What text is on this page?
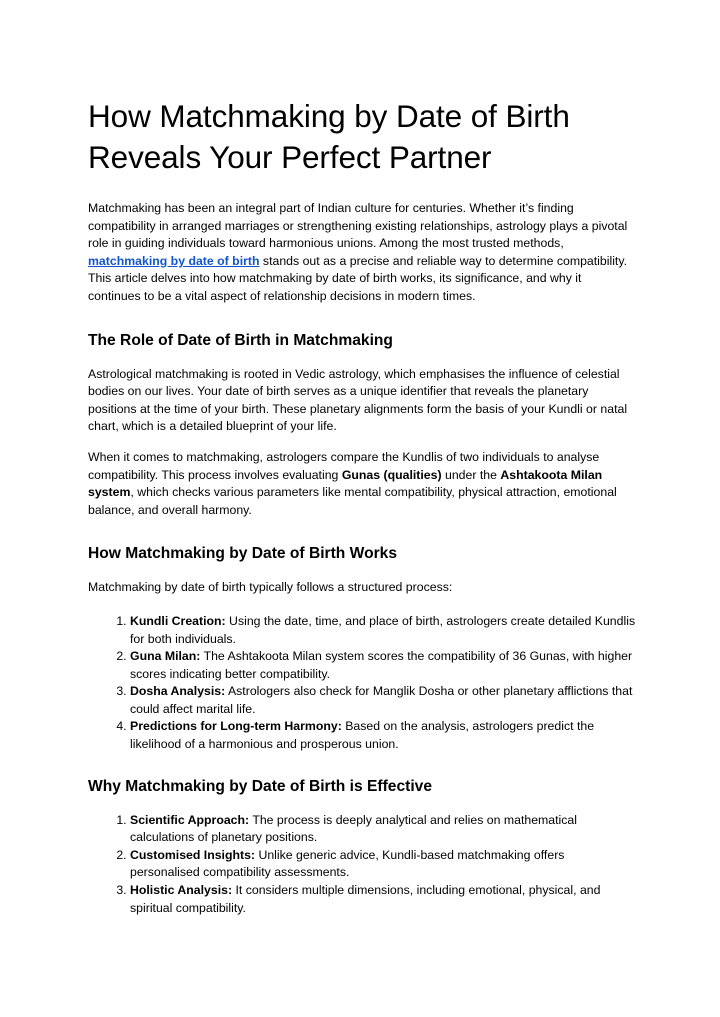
How Matchmaking by Date of Birth Reveals Your Perfect Partner

Matchmaking has been an integral part of Indian culture for centuries. Whether it’s finding compatibility in arranged marriages or strengthening existing relationships, astrology plays a pivotal role in guiding individuals toward harmonious unions. Among the most trusted methods, matchmaking by date of birth stands out as a precise and reliable way to determine compatibility. This article delves into how matchmaking by date of birth works, its significance, and why it continues to be a vital aspect of relationship decisions in modern times.

The Role of Date of Birth in Matchmaking

Astrological matchmaking is rooted in Vedic astrology, which emphasises the influence of celestial bodies on our lives. Your date of birth serves as a unique identifier that reveals the planetary positions at the time of your birth. These planetary alignments form the basis of your Kundli or natal chart, which is a detailed blueprint of your life.

When it comes to matchmaking, astrologers compare the Kundlis of two individuals to analyse compatibility. This process involves evaluating Gunas (qualities) under the Ashtakoota Milan system, which checks various parameters like mental compatibility, physical attraction, emotional balance, and overall harmony.

How Matchmaking by Date of Birth Works

Matchmaking by date of birth typically follows a structured process:

1. Kundli Creation: Using the date, time, and place of birth, astrologers create detailed Kundlis for both individuals.
2. Guna Milan: The Ashtakoota Milan system scores the compatibility of 36 Gunas, with higher scores indicating better compatibility.
3. Dosha Analysis: Astrologers also check for Manglik Dosha or other planetary afflictions that could affect marital life.
4. Predictions for Long-term Harmony: Based on the analysis, astrologers predict the likelihood of a harmonious and prosperous union.
Why Matchmaking by Date of Birth is Effective
1. Scientific Approach: The process is deeply analytical and relies on mathematical calculations of planetary positions.
2. Customised Insights: Unlike generic advice, Kundli-based matchmaking offers personalised compatibility assessments.
3. Holistic Analysis: It considers multiple dimensions, including emotional, physical, and spiritual compatibility.
